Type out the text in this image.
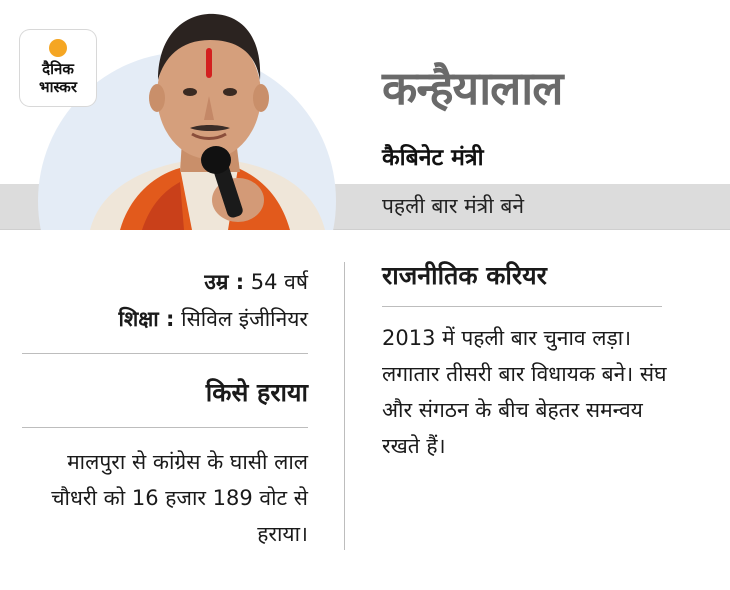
दैनिक
भास्कर	कन्हैयालाल
कैबिनेट मंत्री
पहली बार मंत्री बने
उम्र : 54 वर्ष
शिक्षा : सिविल इंजीनियर
किसे हराया
मालपुरा से कांग्रेस के घासी लाल चौधरी को 16 हजार 189 वोट से हराया।
राजनीतिक करियर
2013 में पहली बार चुनाव लड़ा। लगातार तीसरी बार विधायक बने। संघ और संगठन के बीच बेहतर समन्वय रखते हैं।
